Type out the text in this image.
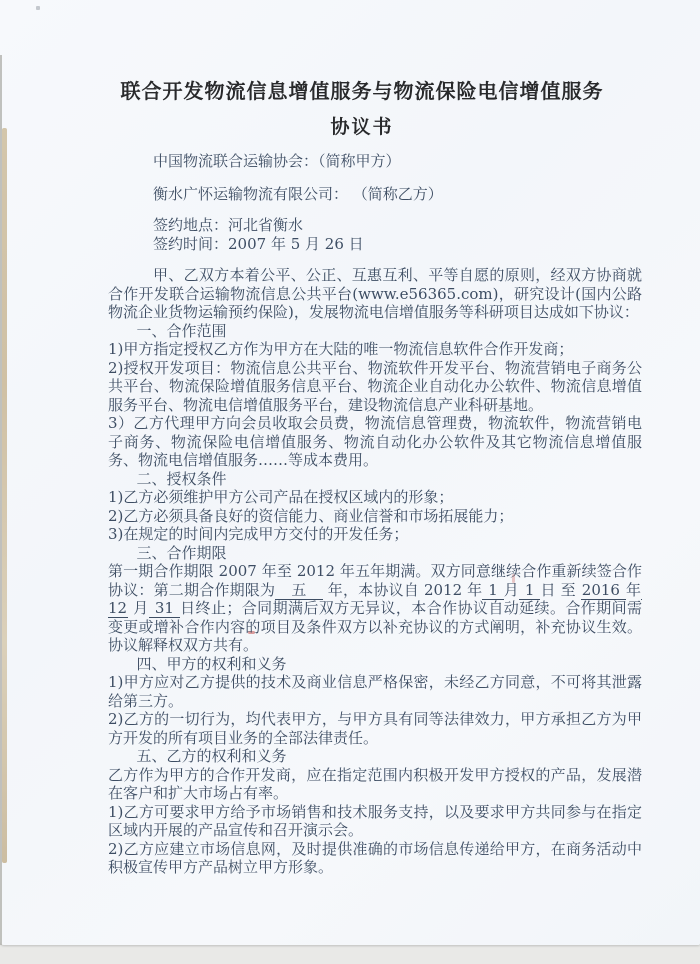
联合开发物流信息增值服务与物流保险电信增值服务
协议书

中国物流联合运输协会：（简称甲方）

衡水广怀运输物流有限公司： （简称乙方）

签约地点：河北省衡水

签约时间：2007 年 5 月 26 日

甲、乙双方本着公平、公正、互惠互利、平等自愿的原则，经双方协商就合作开发联合运输物流信息公共平台(www.e56365.com)，研究设计(国内公路物流企业货物运输预约保险)，发展物流电信增值服务等科研项目达成如下协议：

一、合作范围

1)甲方指定授权乙方作为甲方在大陆的唯一物流信息软件合作开发商；

2)授权开发项目：物流信息公共平台、物流软件开发平台、物流营销电子商务公共平台、物流保险增值服务信息平台、物流企业自动化办公软件、物流信息增值服务平台、物流电信增值服务平台，建设物流信息产业科研基地。

3）乙方代理甲方向会员收取会员费，物流信息管理费，物流软件，物流营销电子商务、物流保险电信增值服务、物流自动化办公软件及其它物流信息增值服务、物流电信增值服务……等成本费用。

二、授权条件

1)乙方必须维护甲方公司产品在授权区域内的形象；

2)乙方必须具备良好的资信能力、商业信誉和市场拓展能力；

3)在规定的时间内完成甲方交付的开发任务；

三、合作期限

第一期合作期限 2007 年至 2012 年五年期满。双方同意继续合作重新续签合作协议：第二期合作期限为　五　 年，本协议自 2012 年 1 月 1 日 至 2016 年 12 月 31 日终止；合同期满后双方无异议，本合作协议自动延续。合作期间需变更或增补合作内容的项目及条件双方以补充协议的方式阐明，补充协议生效。协议解释权双方共有。

四、甲方的权利和义务

1)甲方应对乙方提供的技术及商业信息严格保密，未经乙方同意，不可将其泄露给第三方。

2)乙方的一切行为，均代表甲方，与甲方具有同等法律效力，甲方承担乙方为甲方开发的所有项目业务的全部法律责任。

五、乙方的权利和义务

乙方作为甲方的合作开发商，应在指定范围内积极开发甲方授权的产品，发展潜在客户和扩大市场占有率。

1)乙方可要求甲方给予市场销售和技术服务支持，以及要求甲方共同参与在指定区域内开展的产品宣传和召开演示会。

2)乙方应建立市场信息网，及时提供准确的市场信息传递给甲方，在商务活动中积极宣传甲方产品树立甲方形象。
